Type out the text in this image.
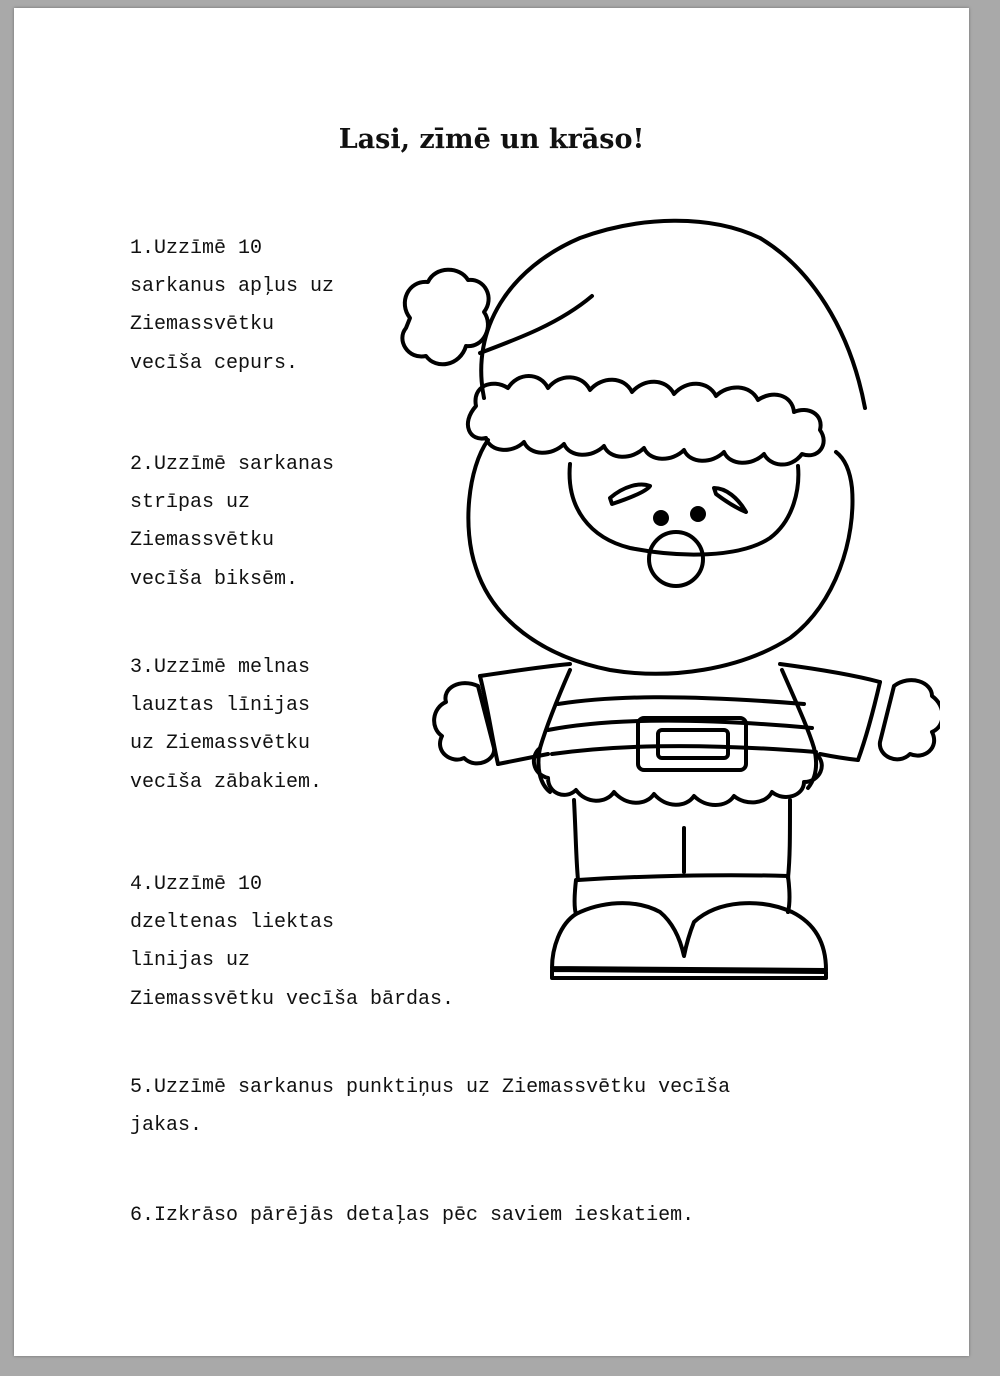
Lasi, zīmē un krāso!
1.Uzzīmē 10
sarkanus apļus uz
Ziemassvētku
vecīša cepurs.
2.Uzzīmē sarkanas
strīpas uz
Ziemassvētku
vecīša biksēm.
3.Uzzīmē melnas
lauztas līnijas
uz Ziemassvētku
vecīša zābakiem.
4.Uzzīmē 10
dzeltenas liektas
līnijas uz
Ziemassvētku vecīša bārdas.
5.Uzzīmē sarkanus punktiņus uz Ziemassvētku vecīša
jakas.
6.Izkrāso pārējās detaļas pēc saviem ieskatiem.
